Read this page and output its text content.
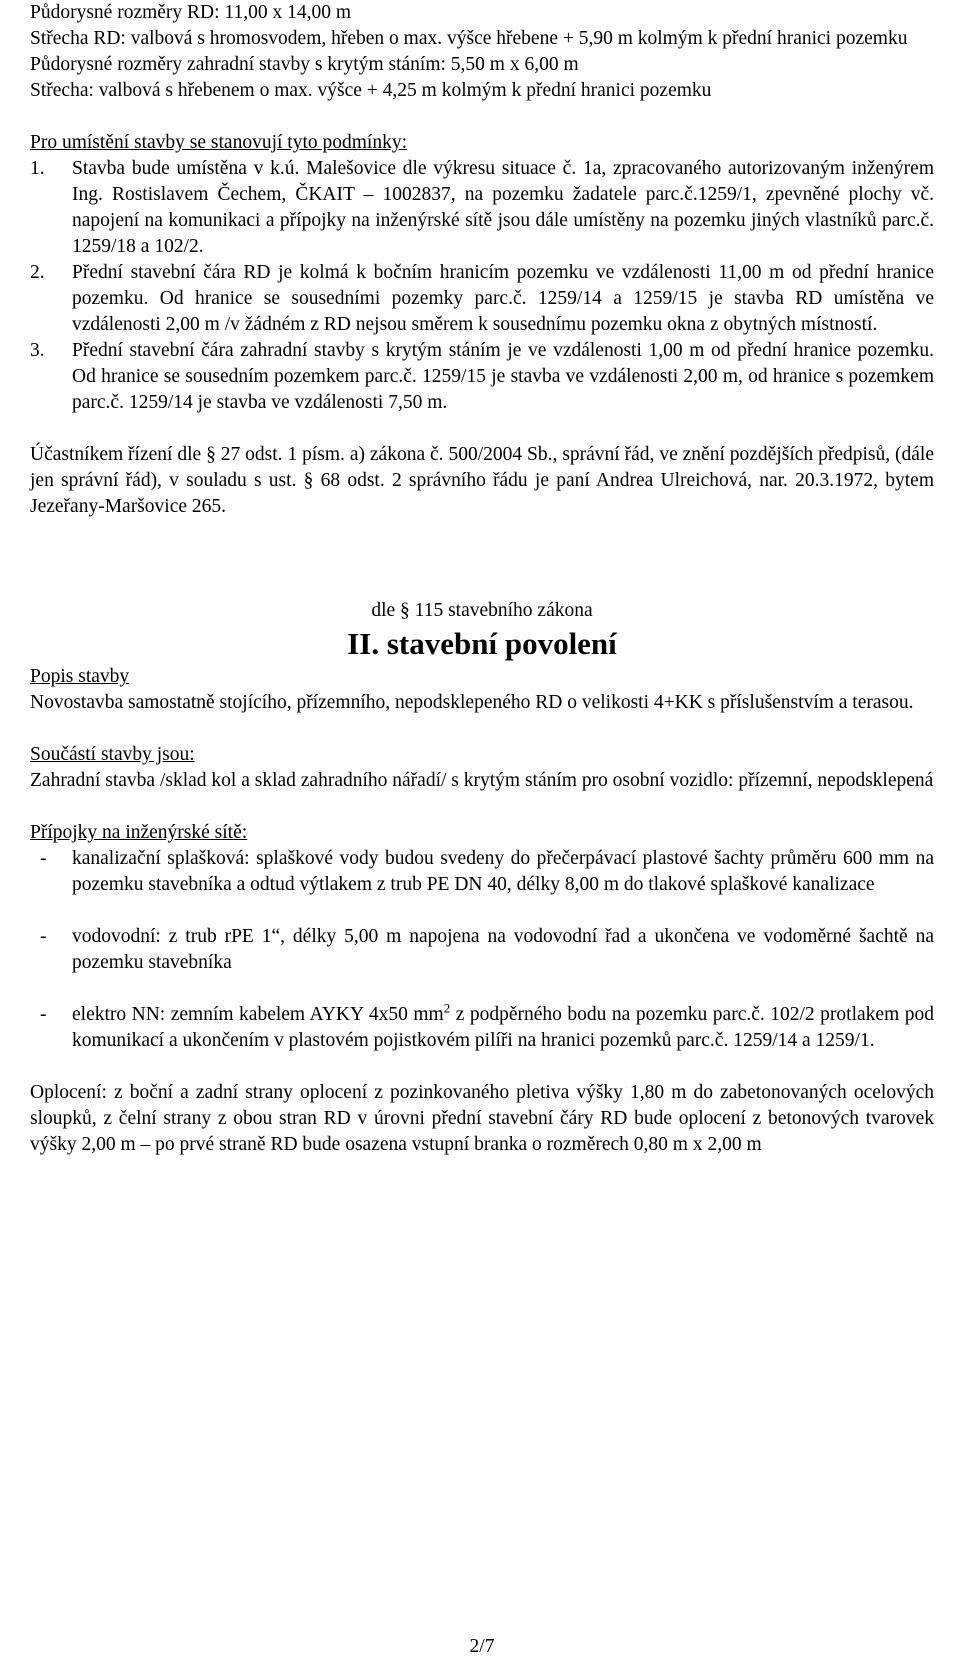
Půdorysné rozměry RD: 11,00 x 14,00 m

Střecha RD: valbová s hromosvodem, hřeben o max. výšce hřebene + 5,90 m kolmým k přední hranici pozemku

Půdorysné rozměry zahradní stavby s krytým stáním: 5,50 m x 6,00 m

Střecha: valbová s hřebenem o max. výšce + 4,25 m kolmým k přední hranici pozemku

Pro umístění stavby se stanovují tyto podmínky:

1. Stavba bude umístěna v k.ú. Malešovice dle výkresu situace č. 1a, zpracovaného autorizovaným inženýrem Ing. Rostislavem Čechem, ČKAIT – 1002837, na pozemku žadatele parc.č.1259/1, zpevněné plochy vč. napojení na komunikaci a přípojky na inženýrské sítě jsou dále umístěny na pozemku jiných vlastníků parc.č. 1259/18 a 102/2.
2. Přední stavební čára RD je kolmá k bočním hranicím pozemku ve vzdálenosti 11,00 m od přední hranice pozemku. Od hranice se sousedními pozemky parc.č. 1259/14 a 1259/15 je stavba RD umístěna ve vzdálenosti 2,00 m /v žádném z RD nejsou směrem k sousednímu pozemku okna z obytných místností.
3. Přední stavební čára zahradní stavby s krytým stáním je ve vzdálenosti 1,00 m od přední hranice pozemku. Od hranice se sousedním pozemkem parc.č. 1259/15 je stavba ve vzdálenosti 2,00 m, od hranice s pozemkem parc.č. 1259/14 je stavba ve vzdálenosti 7,50 m.

Účastníkem řízení dle § 27 odst. 1 písm. a) zákona č. 500/2004 Sb., správní řád, ve znění pozdějších předpisů, (dále jen správní řád), v souladu s ust. § 68 odst. 2 správního řádu je paní Andrea Ulreichová, nar. 20.3.1972, bytem Jezeřany-Maršovice 265.

dle § 115 stavebního zákona

II. stavební povolení

Popis stavby

Novostavba samostatně stojícího, přízemního, nepodsklepeného RD o velikosti 4+KK s příslušenstvím a terasou.

Součástí stavby jsou:

Zahradní stavba /sklad kol a sklad zahradního nářadí/ s krytým stáním pro osobní vozidlo: přízemní, nepodsklepená

Přípojky na inženýrské sítě:

- kanalizační splašková: splaškové vody budou svedeny do přečerpávací plastové šachty průměru 600 mm na pozemku stavebníka a odtud výtlakem z trub PE DN 40, délky 8,00 m do tlakové splaškové kanalizace
- vodovodní: z trub rPE 1“, délky 5,00 m napojena na vodovodní řad a ukončena ve vodoměrné šachtě na pozemku stavebníka
- elektro NN: zemním kabelem AYKY 4x50 $mm^2$ z podpěrného bodu na pozemku parc.č. 102/2 protlakem pod komunikací a ukončením v plastovém pojistkovém pilíři na hranici pozemků parc.č. 1259/14 a 1259/1.

Oplocení: z boční a zadní strany oplocení z pozinkovaného pletiva výšky 1,80 m do zabetonovaných ocelových sloupků, z čelní strany z obou stran RD v úrovni přední stavební čáry RD bude oplocení z betonových tvarovek výšky 2,00 m – po prvé straně RD bude osazena vstupní branka o rozměrech 0,80 m x 2,00 m

2/7
